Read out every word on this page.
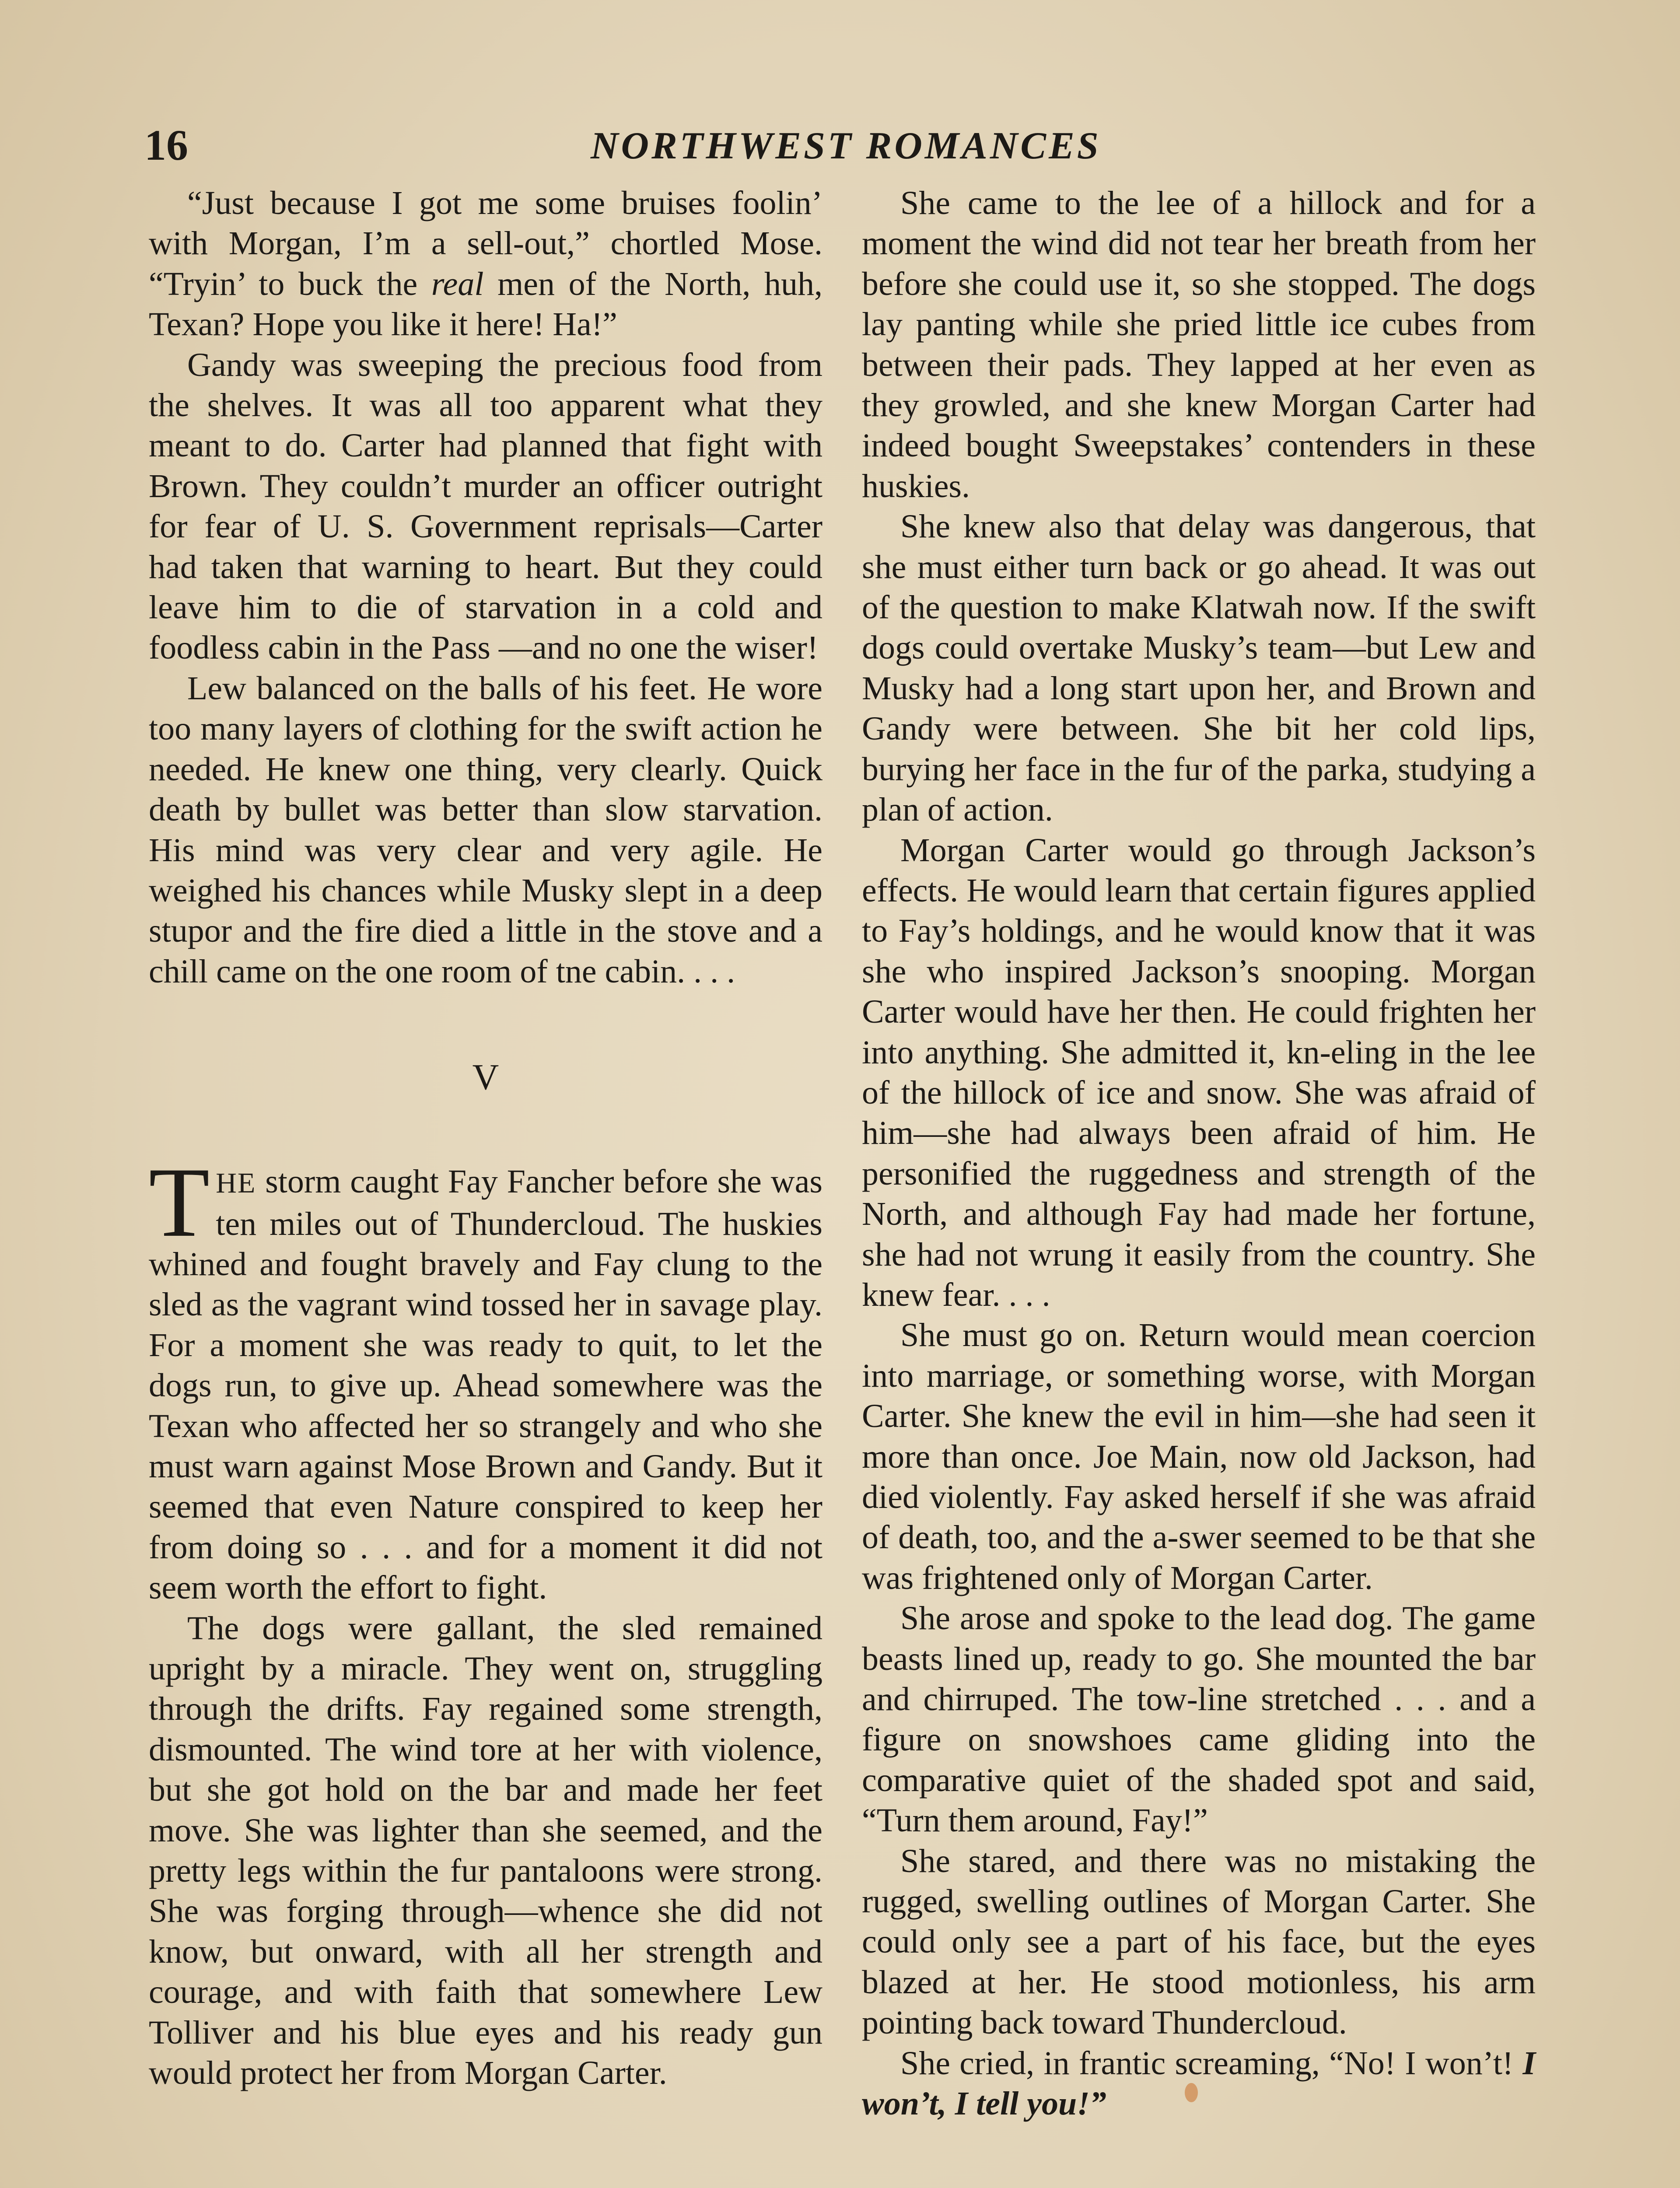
16	NORTHWEST ROMANCES

“Just because I got me some bruises foolin’ with Morgan, I’m a sell-out,” chortled Mose. “Tryin’ to buck the real men of the North, huh, Texan? Hope you like it here! Ha!”

Gandy was sweeping the precious food from the shelves. It was all too apparent what they meant to do. Carter had planned that fight with Brown. They couldn’t murder an officer outright for fear of U. S. Government reprisals—Carter had taken that warning to heart. But they could leave him to die of starvation in a cold and foodless cabin in the Pass —and no one the wiser!

Lew balanced on the balls of his feet. He wore too many layers of clothing for the swift action he needed. He knew one thing, very clearly. Quick death by bullet was better than slow starvation. His mind was very clear and very agile. He weighed his chances while Musky slept in a deep stupor and the fire died a little in the stove and a chill came on the one room of tne cabin. . . .

V

THE storm caught Fay Fancher before she was ten miles out of Thundercloud. The huskies whined and fought bravely and Fay clung to the sled as the vagrant wind tossed her in savage play. For a moment she was ready to quit, to let the dogs run, to give up. Ahead somewhere was the Texan who affected her so strangely and who she must warn against Mose Brown and Gandy. But it seemed that even Nature conspired to keep her from doing so . . . and for a moment it did not seem worth the effort to fight.

The dogs were gallant, the sled remained upright by a miracle. They went on, struggling through the drifts. Fay regained some strength, dismounted. The wind tore at her with violence, but she got hold on the bar and made her feet move. She was lighter than she seemed, and the pretty legs within the fur pantaloons were strong. She was forging through—whence she did not know, but onward, with all her strength and courage, and with faith that somewhere Lew Tolliver and his blue eyes and his ready gun would protect her from Morgan Carter.

She came to the lee of a hillock and for a moment the wind did not tear her breath from her before she could use it, so she stopped. The dogs lay panting while she pried little ice cubes from between their pads. They lapped at her even as they growled, and she knew Morgan Carter had indeed bought Sweepstakes’ contenders in these huskies.

She knew also that delay was dangerous, that she must either turn back or go ahead. It was out of the question to make Klatwah now. If the swift dogs could overtake Musky’s team—but Lew and Musky had a long start upon her, and Brown and Gandy were between. She bit her cold lips, burying her face in the fur of the parka, studying a plan of action.

Morgan Carter would go through Jackson’s effects. He would learn that certain figures applied to Fay’s holdings, and he would know that it was she who inspired Jackson’s snooping. Morgan Carter would have her then. He could frighten her into anything. She admitted it, kn-eling in the lee of the hillock of ice and snow. She was afraid of him—she had always been afraid of him. He personified the ruggedness and strength of the North, and although Fay had made her fortune, she had not wrung it easily from the country. She knew fear. . . .

She must go on. Return would mean coercion into marriage, or something worse, with Morgan Carter. She knew the evil in him—she had seen it more than once. Joe Main, now old Jackson, had died violently. Fay asked herself if she was afraid of death, too, and the a-swer seemed to be that she was frightened only of Morgan Carter.

She arose and spoke to the lead dog. The game beasts lined up, ready to go. She mounted the bar and chirruped. The tow-line stretched . . . and a figure on snowshoes came gliding into the comparative quiet of the shaded spot and said, “Turn them around, Fay!”

She stared, and there was no mistaking the rugged, swelling outlines of Morgan Carter. She could only see a part of his face, but the eyes blazed at her. He stood motionless, his arm pointing back toward Thundercloud.

She cried, in frantic screaming, “No! I won’t! I won’t, I tell you!”
